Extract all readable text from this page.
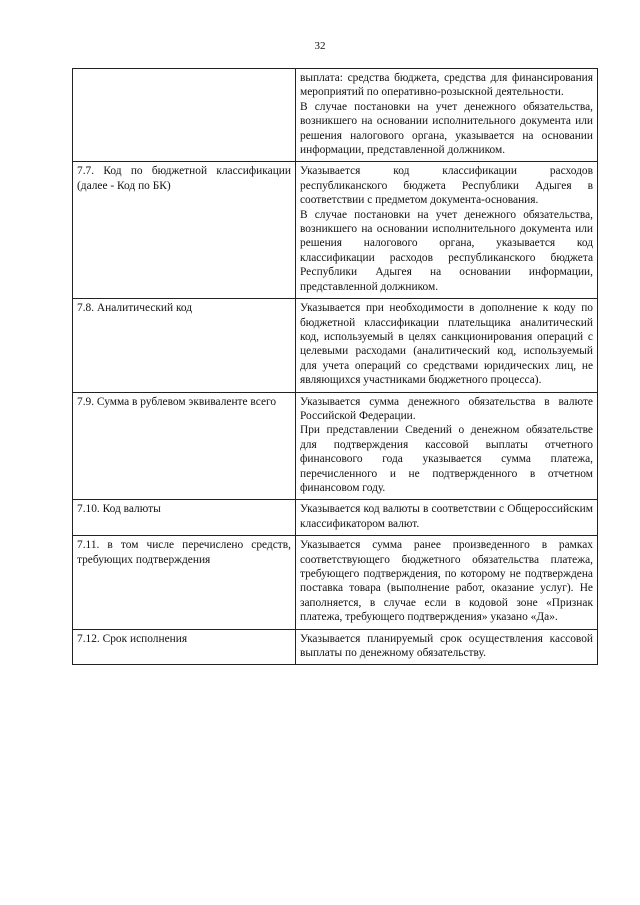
32

	выплата: средства бюджета, средства для финансирования мероприятий по оперативно-розыскной деятельности.

В случае постановки на учет денежного обязательства, возникшего на основании исполнительного документа или решения налогового органа, указывается на основании информации, представленной должником.

7.7. Код по бюджетной классификации (далее - Код по БК)	Указывается код классификации расходов республиканского бюджета Республики Адыгея в соответствии с предметом документа-основания.

В случае постановки на учет денежного обязательства, возникшего на основании исполнительного документа или решения налогового органа, указывается код классификации расходов республиканского бюджета Республики Адыгея на основании информации, представленной должником.

7.8. Аналитический код	Указывается при необходимости в дополнение к коду по бюджетной классификации плательщика аналитический код, используемый в целях санкционирования операций с целевыми расходами (аналитический код, используемый для учета операций со средствами юридических лиц, не являющихся участниками бюджетного процесса).

7.9. Сумма в рублевом эквиваленте всего	Указывается сумма денежного обязательства в валюте Российской Федерации.

При представлении Сведений о денежном обязательстве для подтверждения кассовой выплаты отчетного финансового года указывается сумма платежа, перечисленного и не подтвержденного в отчетном финансовом году.

7.10. Код валюты	Указывается код валюты в соответствии с Общероссийским классификатором валют.

7.11. в том числе перечислено средств, требующих подтверждения	Указывается сумма ранее произведенного в рамках соответствующего бюджетного обязательства платежа, требующего подтверждения, по которому не подтверждена поставка товара (выполнение работ, оказание услуг). Не заполняется, в случае если в кодовой зоне «Признак платежа, требующего подтверждения» указано «Да».

7.12. Срок исполнения	Указывается планируемый срок осуществления кассовой выплаты по денежному обязательству.
